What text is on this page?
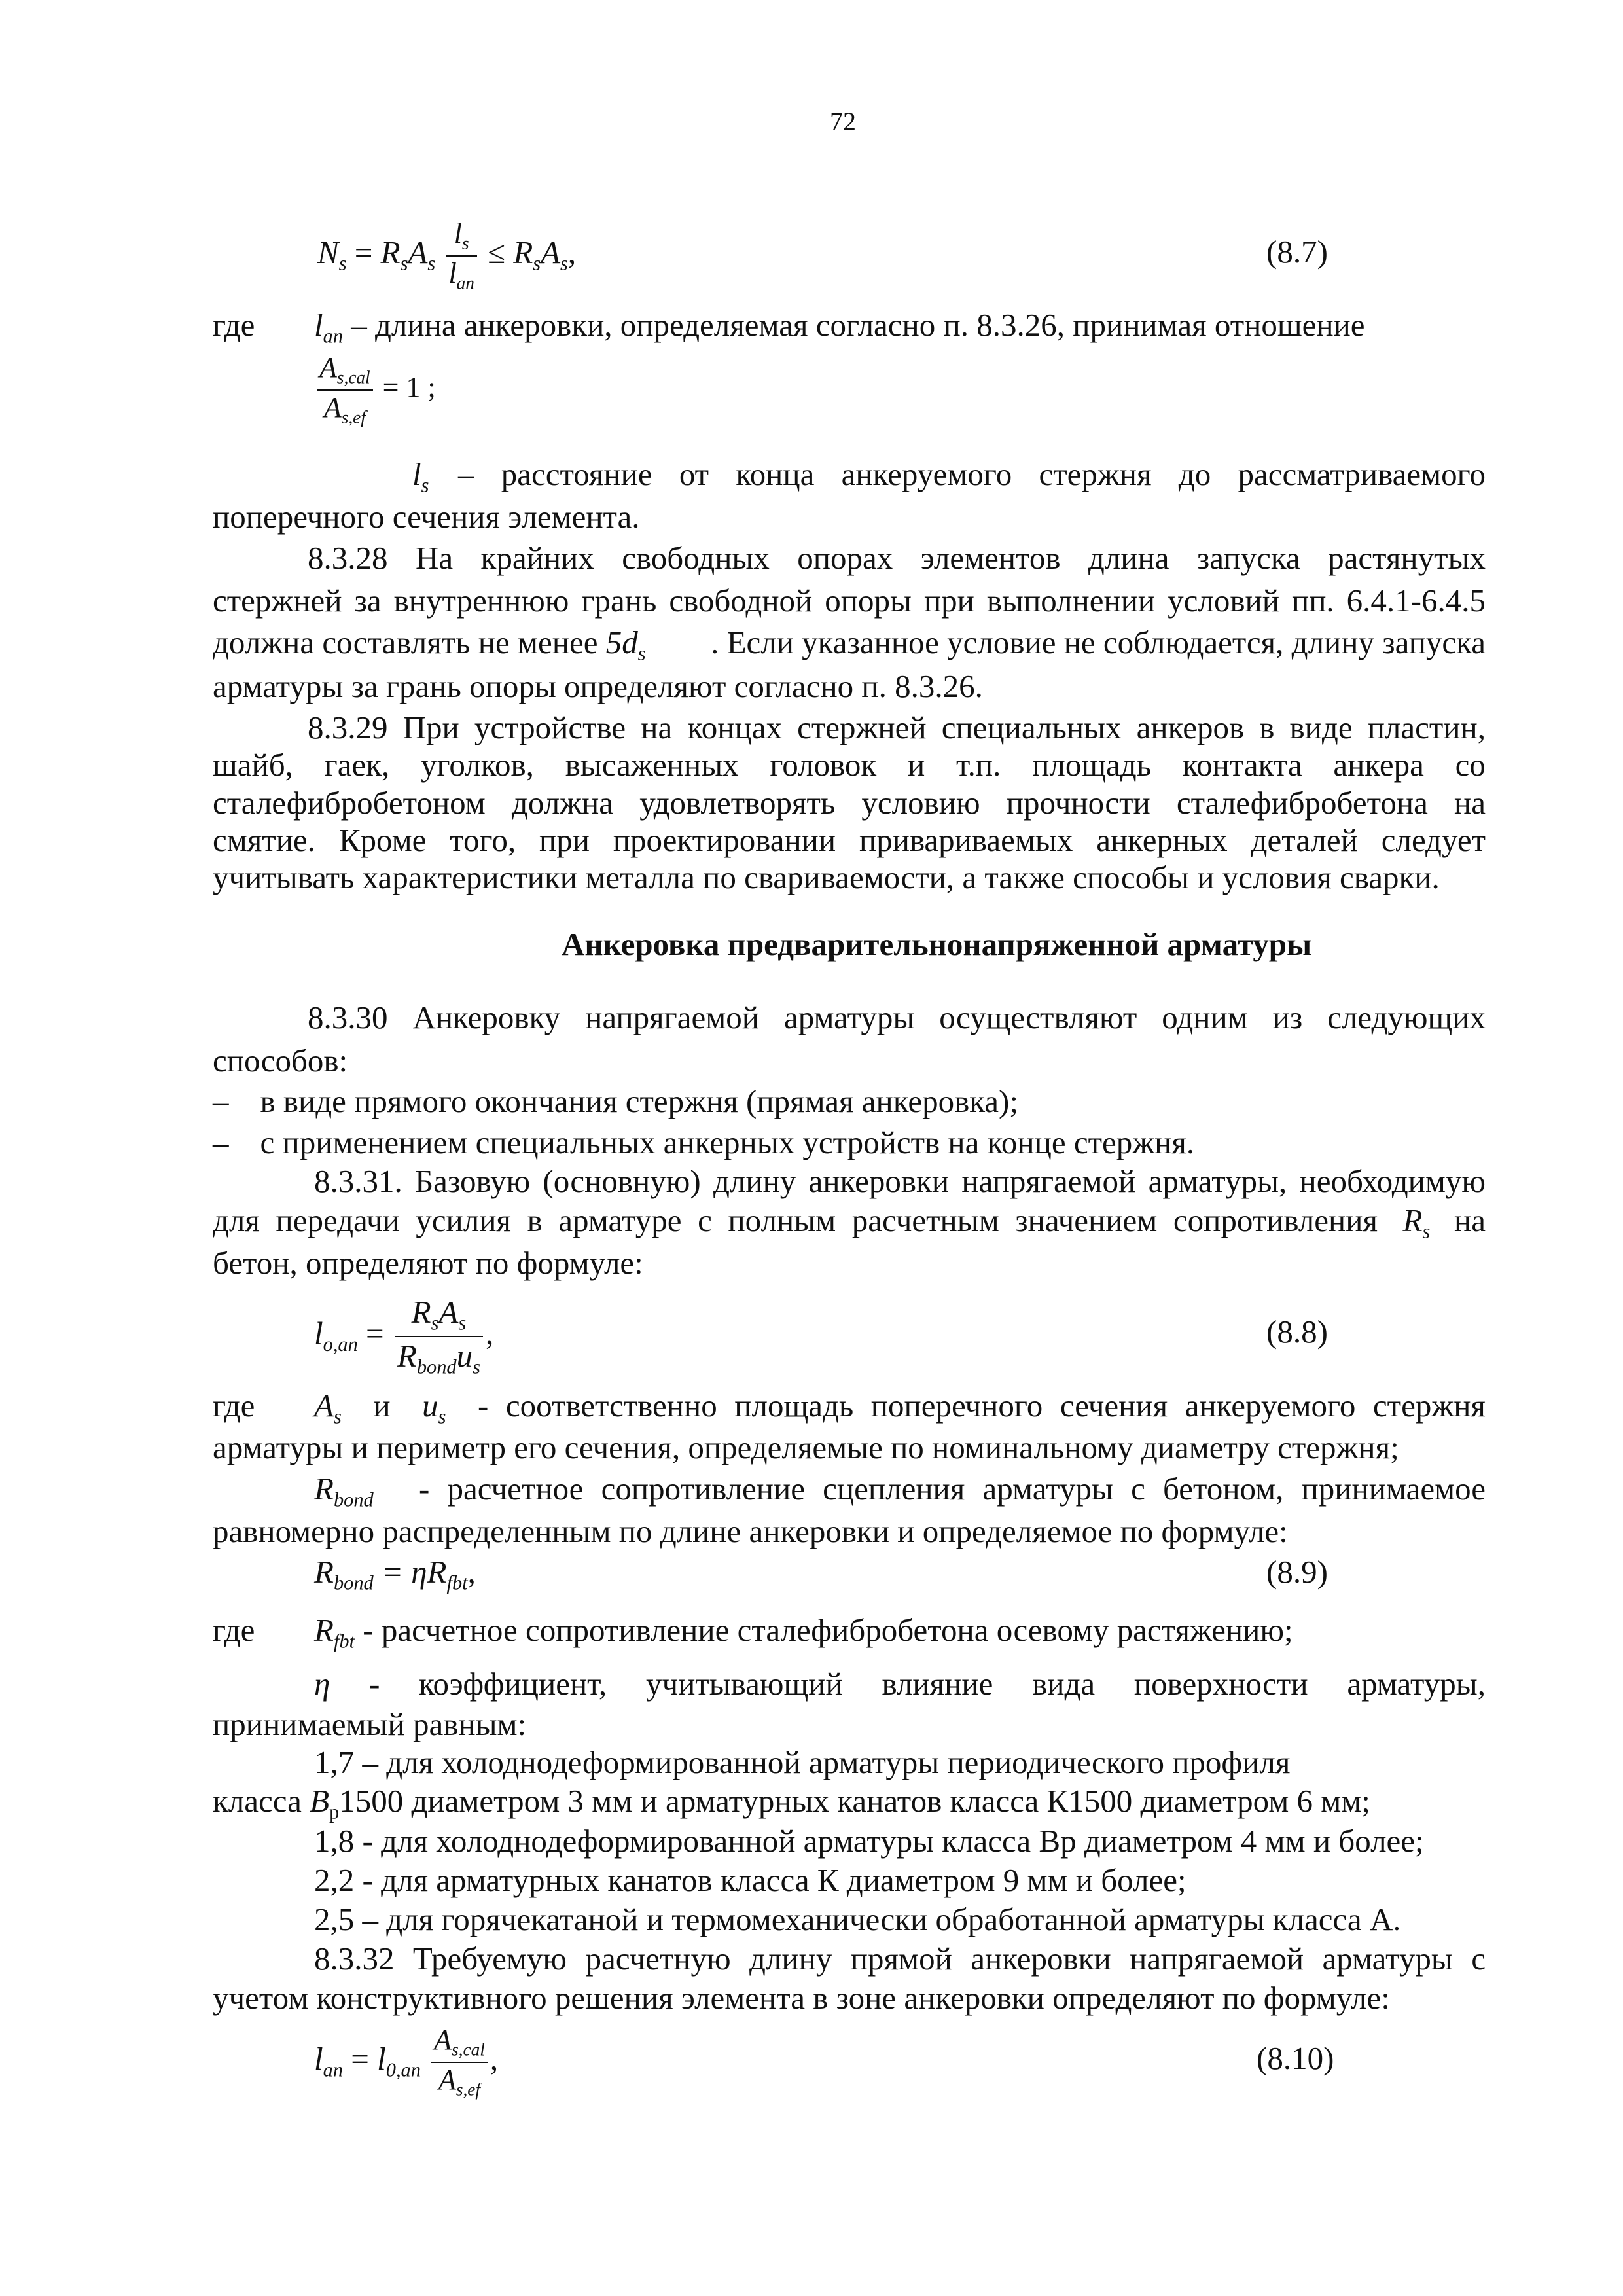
72
$N_s = R_sA_s \frac{l_s}{l_{an}} \le R_sA_s$,	(8.7)
где $l_{an}$ – длина анкеровки, определяемая согласно п. 8.3.26, принимая отношение
$\frac{A_{s,cal}}{A_{s,ef}} = 1$ ;
$l_s$ – расстояние от конца анкеруемого стержня до рассматриваемого
поперечного сечения элемента.
8.3.28 На крайних свободных опорах элементов длина запуска растянутых
стержней за внутреннюю грань свободной опоры при выполнении условий пп. 6.4.1-6.4.5
должна составлять не менее $5d_s$ . Если указанное условие не соблюдается, длину запуска
арматуры за грань опоры определяют согласно п. 8.3.26.
8.3.29 При устройстве на концах стержней специальных анкеров в виде пластин,
шайб, гаек, уголков, высаженных головок и т.п. площадь контакта анкера со
сталефибробетоном должна удовлетворять условию прочности сталефибробетона на
смятие. Кроме того, при проектировании привариваемых анкерных деталей следует
учитывать характеристики металла по свариваемости, а также способы и условия сварки.
Анкеровка предварительнонапряженной арматуры
8.3.30 Анкеровку напрягаемой арматуры осуществляют одним из следующих
способов:
– в виде прямого окончания стержня (прямая анкеровка);
– с применением специальных анкерных устройств на конце стержня.
8.3.31. Базовую (основную) длину анкеровки напрягаемой арматуры, необходимую
для передачи усилия в арматуре с полным расчетным значением сопротивления $R_s$ на
бетон, определяют по формуле:
$l_{o,an} = \frac{R_sA_s}{R_{bond}u_s}$ ,	(8.8)
где $A_s$ и $u_s$ - соответственно площадь поперечного сечения анкеруемого стержня
арматуры и периметр его сечения, определяемые по номинальному диаметру стержня;
$R_{bond}$ - расчетное сопротивление сцепления арматуры с бетоном, принимаемое
равномерно распределенным по длине анкеровки и определяемое по формуле:
$R_{bond} = \eta R_{fbt}$,	(8.9)
где $R_{fbt}$ - расчетное сопротивление сталефибробетона осевому растяжению;
η - коэффициент, учитывающий влияние вида поверхности арматуры,
принимаемый равным:
1,7 – для холоднодеформированной арматуры периодического профиля
класса $B_р1500$ диаметром 3 мм и арматурных канатов класса К1500 диаметром 6 мм;
1,8 - для холоднодеформированной арматуры класса Вр диаметром 4 мм и более;
2,2 - для арматурных канатов класса К диаметром 9 мм и более;
2,5 – для горячекатаной и термомеханически обработанной арматуры класса А.
8.3.32 Требуемую расчетную длину прямой анкеровки напрягаемой арматуры с
учетом конструктивного решения элемента в зоне анкеровки определяют по формуле:
$l_{an} = l_{0,an} \frac{A_{s,cal}}{A_{s,ef}}$ ,	(8.10)
